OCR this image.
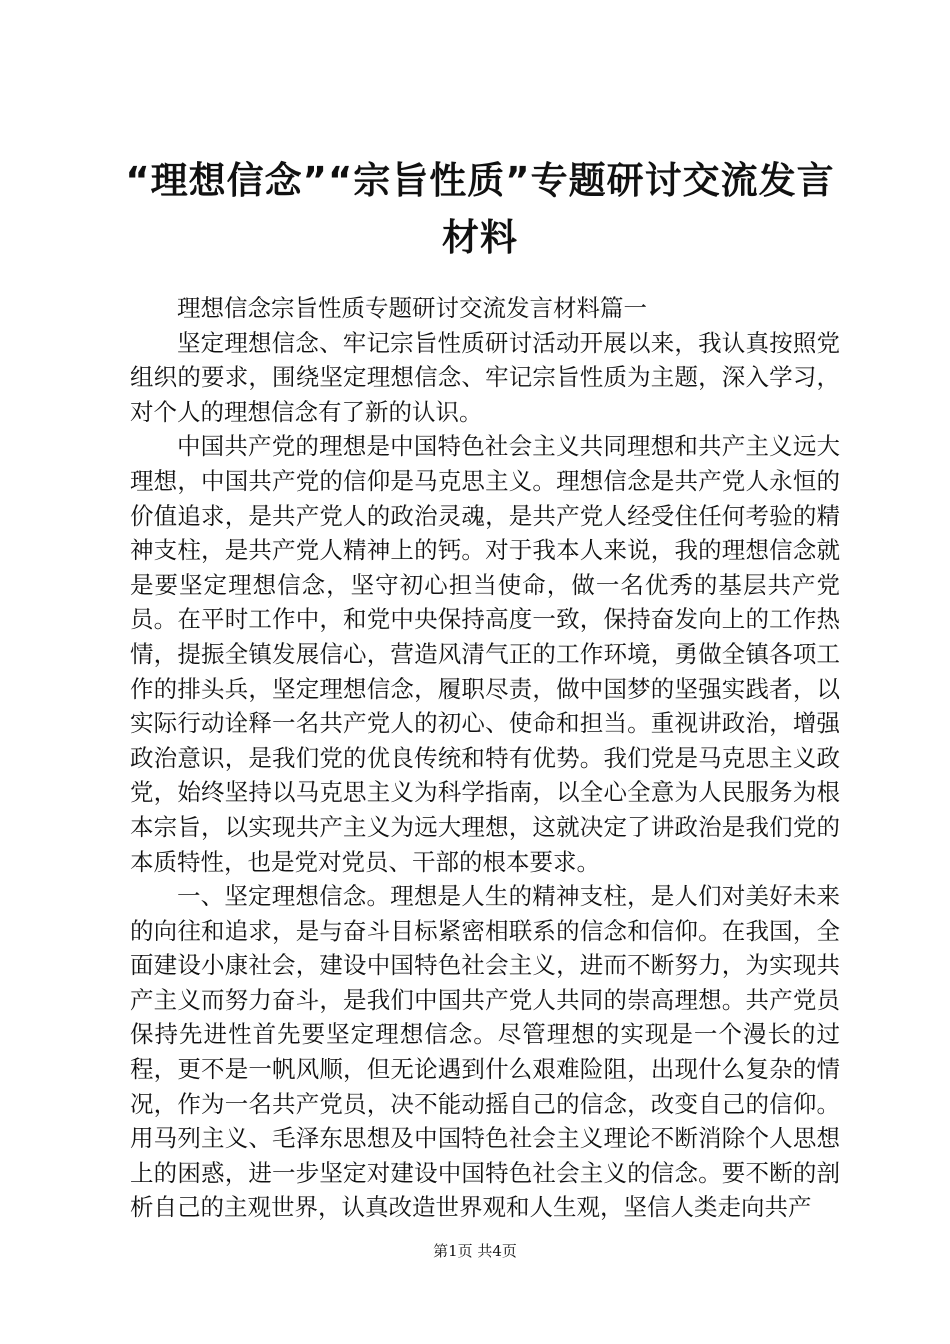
“理想信念”“宗旨性质”专题研讨交流发言材料

理想信念宗旨性质专题研讨交流发言材料篇一

坚定理想信念、牢记宗旨性质研讨活动开展以来，我认真按照党组织的要求，围绕坚定理想信念、牢记宗旨性质为主题，深入学习，对个人的理想信念有了新的认识。

中国共产党的理想是中国特色社会主义共同理想和共产主义远大理想，中国共产党的信仰是马克思主义。理想信念是共产党人永恒的价值追求，是共产党人的政治灵魂，是共产党人经受住任何考验的精神支柱，是共产党人精神上的钙。对于我本人来说，我的理想信念就是要坚定理想信念，坚守初心担当使命，做一名优秀的基层共产党员。在平时工作中，和党中央保持高度一致，保持奋发向上的工作热情，提振全镇发展信心，营造风清气正的工作环境，勇做全镇各项工作的排头兵，坚定理想信念，履职尽责，做中国梦的坚强实践者，以实际行动诠释一名共产党人的初心、使命和担当。重视讲政治，增强政治意识，是我们党的优良传统和特有优势。我们党是马克思主义政党，始终坚持以马克思主义为科学指南，以全心全意为人民服务为根本宗旨，以实现共产主义为远大理想，这就决定了讲政治是我们党的本质特性，也是党对党员、干部的根本要求。

一、坚定理想信念。理想是人生的精神支柱，是人们对美好未来的向往和追求，是与奋斗目标紧密相联系的信念和信仰。在我国，全面建设小康社会，建设中国特色社会主义，进而不断努力，为实现共产主义而努力奋斗，是我们中国共产党人共同的崇高理想。共产党员保持先进性首先要坚定理想信念。尽管理想的实现是一个漫长的过程，更不是一帆风顺，但无论遇到什么艰难险阻，出现什么复杂的情况，作为一名共产党员，决不能动摇自己的信念，改变自己的信仰。用马列主义、毛泽东思想及中国特色社会主义理论不断消除个人思想上的困惑，进一步坚定对建设中国特色社会主义的信念。要不断的剖析自己的主观世界，认真改造世界观和人生观，坚信人类走向共产

第1页 共4页
